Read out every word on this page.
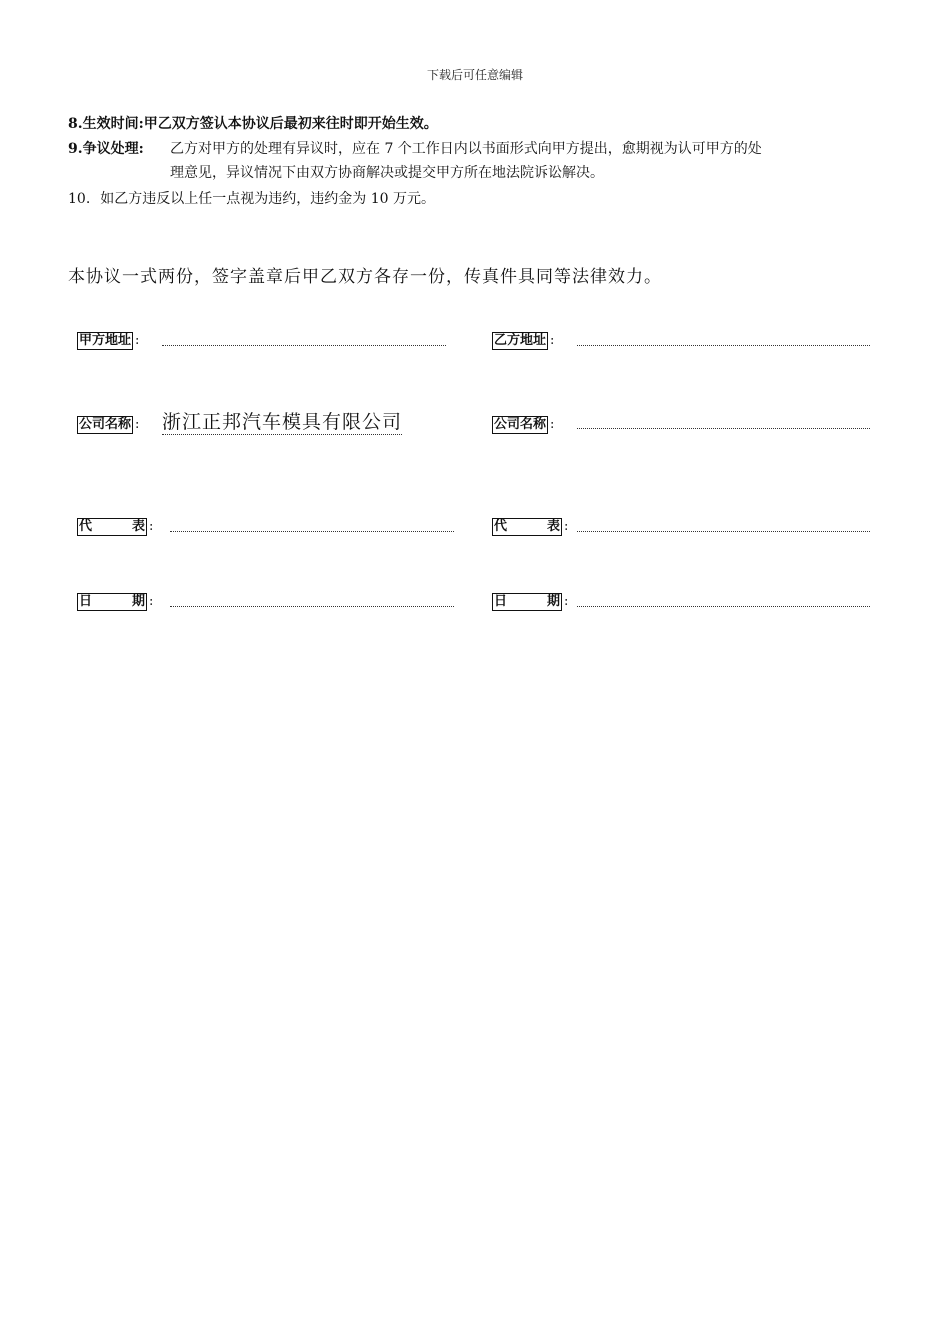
下载后可任意编辑
8.生效时间:甲乙双方签认本协议后最初来往时即开始生效。
9.争议处理: 乙方对甲方的处理有异议时，应在 7 个工作日内以书面形式向甲方提出，愈期视为认可甲方的处
理意见，异议情况下由双方协商解决或提交甲方所在地法院诉讼解决。
10. 如乙方违反以上任一点视为违约，违约金为 10 万元。
本协议一式两份，签字盖章后甲乙双方各存一份，传真件具同等法律效力。
甲方地址 :
公司名称 : 浙江正邦汽车模具有限公司
代	表 :
日	期 :
乙方地址 :
公司名称 :
代	表 :
日	期 :
